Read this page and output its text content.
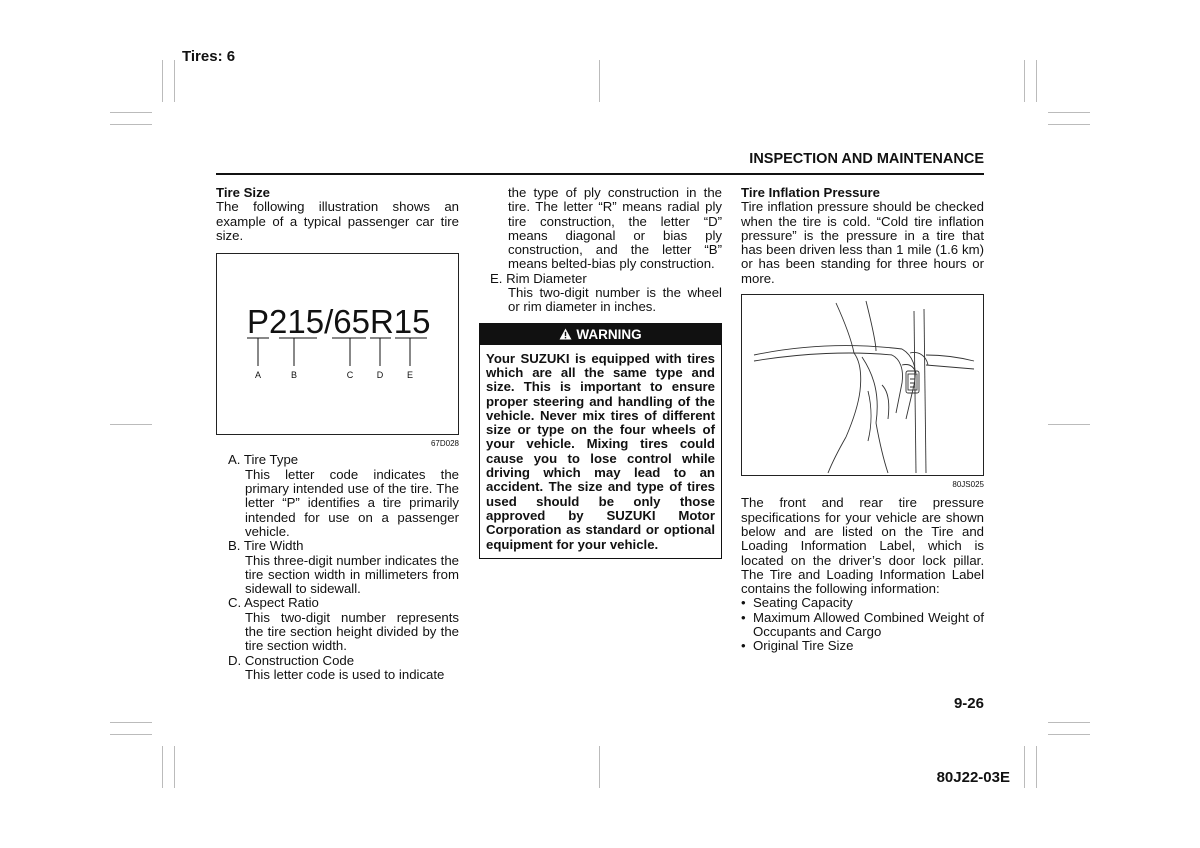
Tires: 6
INSPECTION AND MAINTENANCE
Tire Size
The following illustration shows an example of a typical passenger car tire size.
P215/65R15
A	B	C	D	E
67D028
A. Tire Type
This letter code indicates the primary intended use of the tire. The letter “P” identifies a tire primarily intended for use on a passenger vehicle.
B. Tire Width
This three-digit number indicates the tire section width in millimeters from sidewall to sidewall.
C. Aspect Ratio
This two-digit number represents the tire section height divided by the tire section width.
D. Construction Code
This letter code is used to indicate
the type of ply construction in the tire. The letter “R” means radial ply tire construction, the letter “D” means diagonal or bias ply construction, and the letter “B” means belted-bias ply construction.
E. Rim Diameter
This two-digit number is the wheel or rim diameter in inches.
WARNING
Your SUZUKI is equipped with tires which are all the same type and size. This is important to ensure proper steering and handling of the vehicle. Never mix tires of different size or type on the four wheels of your vehicle. Mixing tires could cause you to lose control while driving which may lead to an accident. The size and type of tires used should be only those approved by SUZUKI Motor Corporation as standard or optional equipment for your vehicle.
Tire Inflation Pressure
Tire inflation pressure should be checked when the tire is cold. “Cold tire inflation pressure” is the pressure in a tire that has been driven less than 1 mile (1.6 km) or has been standing for three hours or more.
80JS025
The front and rear tire pressure specifications for your vehicle are shown below and are listed on the Tire and Loading Information Label, which is located on the driver’s door lock pillar. The Tire and Loading Information Label contains the following information:
• Seating Capacity
• Maximum Allowed Combined Weight of Occupants and Cargo
• Original Tire Size
9-26
80J22-03E
